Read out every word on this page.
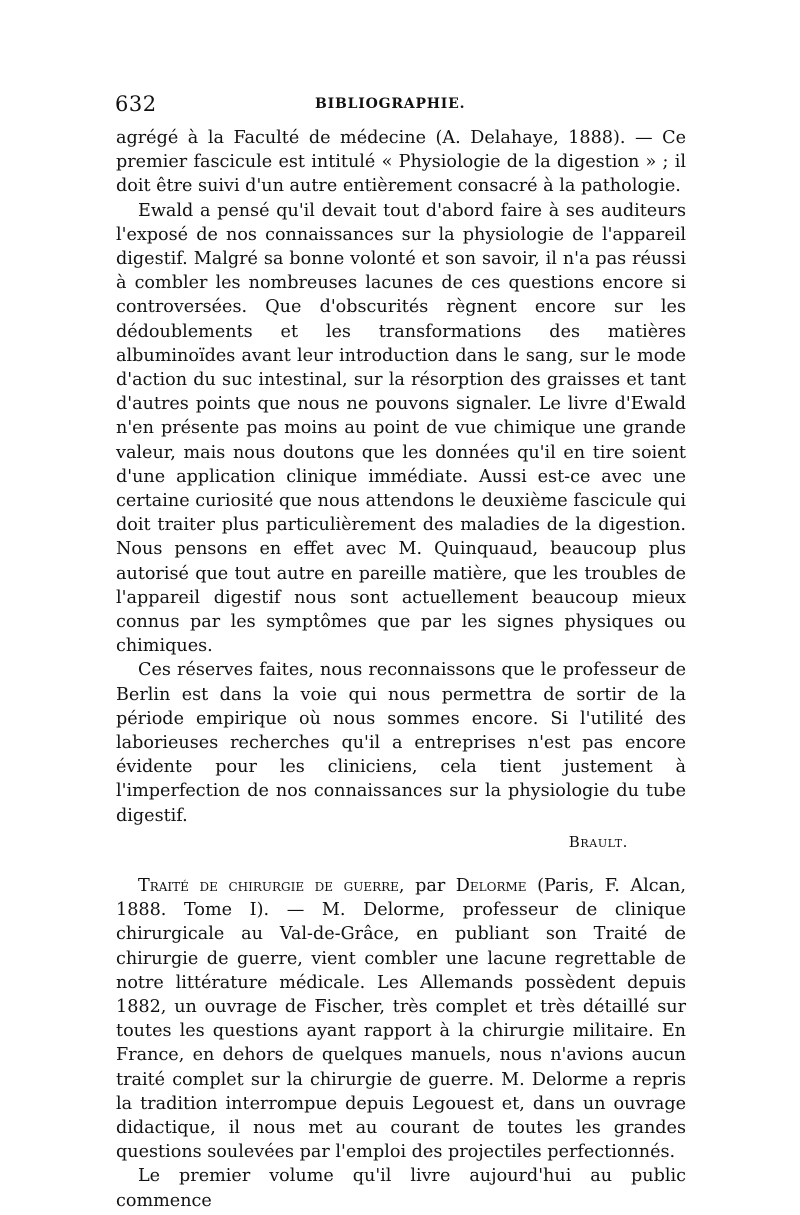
632	BIBLIOGRAPHIE.

agrégé à la Faculté de médecine (A. Delahaye, 1888). — Ce premier fascicule est intitulé « Physiologie de la digestion » ; il doit être suivi d'un autre entièrement consacré à la pathologie.

Ewald a pensé qu'il devait tout d'abord faire à ses auditeurs l'exposé de nos connaissances sur la physiologie de l'appareil digestif. Malgré sa bonne volonté et son savoir, il n'a pas réussi à combler les nombreuses lacunes de ces questions encore si controversées. Que d'obscurités règnent encore sur les dédoublements et les transformations des matières albuminoïdes avant leur introduction dans le sang, sur le mode d'action du suc intestinal, sur la résorption des graisses et tant d'autres points que nous ne pouvons signaler. Le livre d'Ewald n'en présente pas moins au point de vue chimique une grande valeur, mais nous doutons que les données qu'il en tire soient d'une application clinique immédiate. Aussi est-ce avec une certaine curiosité que nous attendons le deuxième fascicule qui doit traiter plus particulièrement des maladies de la digestion. Nous pensons en effet avec M. Quinquaud, beaucoup plus autorisé que tout autre en pareille matière, que les troubles de l'appareil digestif nous sont actuellement beaucoup mieux connus par les symptômes que par les signes physiques ou chimiques.

Ces réserves faites, nous reconnaissons que le professeur de Berlin est dans la voie qui nous permettra de sortir de la période empirique où nous sommes encore. Si l'utilité des laborieuses recherches qu'il a entreprises n'est pas encore évidente pour les cliniciens, cela tient justement à l'imperfection de nos connaissances sur la physiologie du tube digestif.

Brault.

Traité de chirurgie de guerre, par Delorme (Paris, F. Alcan, 1888. Tome I). — M. Delorme, professeur de clinique chirurgicale au Val-de-Grâce, en publiant son Traité de chirurgie de guerre, vient combler une lacune regrettable de notre littérature médicale. Les Allemands possèdent depuis 1882, un ouvrage de Fischer, très complet et très détaillé sur toutes les questions ayant rapport à la chirurgie militaire. En France, en dehors de quelques manuels, nous n'avions aucun traité complet sur la chirurgie de guerre. M. Delorme a repris la tradition interrompue depuis Legouest et, dans un ouvrage didactique, il nous met au courant de toutes les grandes questions soulevées par l'emploi des projectiles perfectionnés.

Le premier volume qu'il livre aujourd'hui au public commence
